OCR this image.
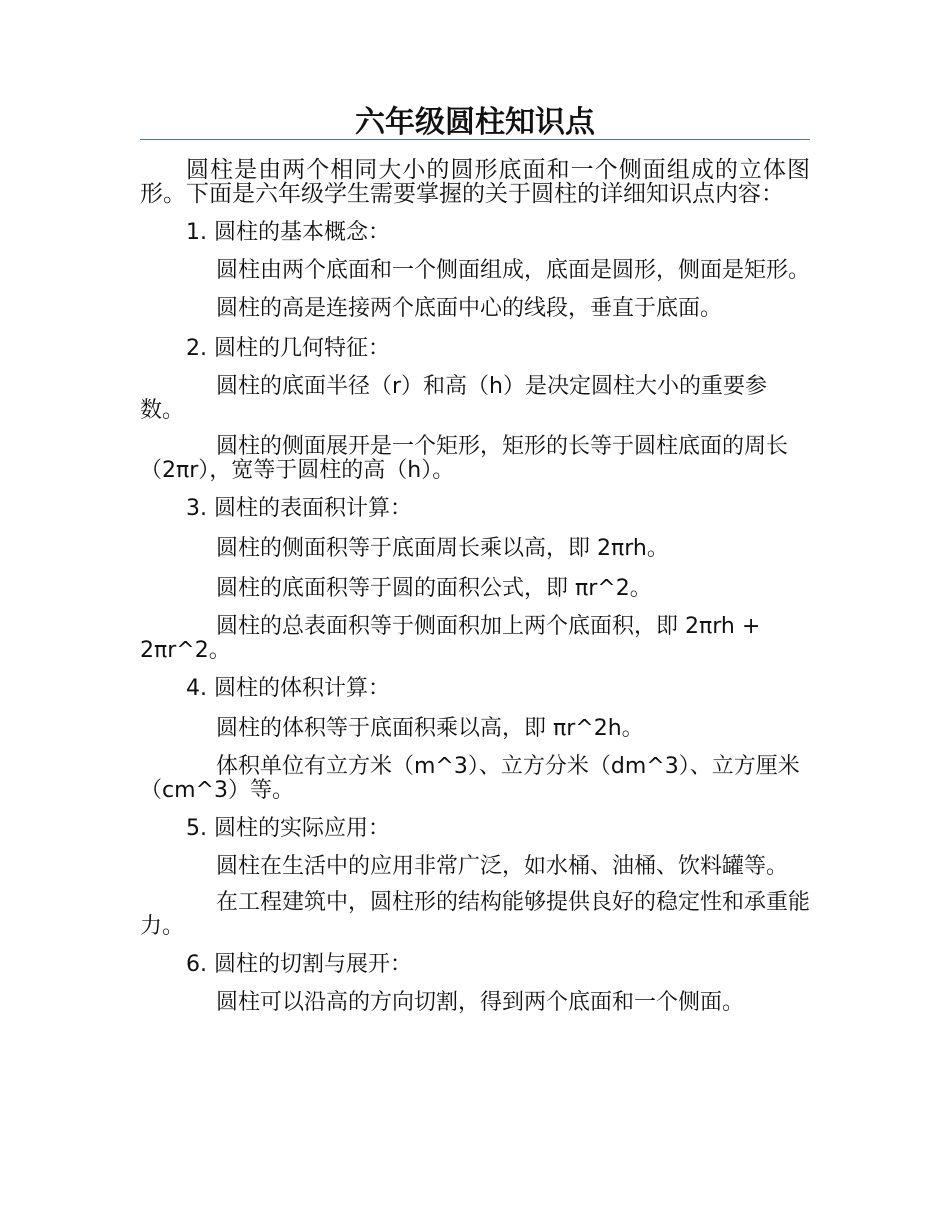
六年级圆柱知识点

圆柱是由两个相同大小的圆形底面和一个侧面组成的立体图形。下面是六年级学生需要掌握的关于圆柱的详细知识点内容：

1. 圆柱的基本概念：

圆柱由两个底面和一个侧面组成，底面是圆形，侧面是矩形。

圆柱的高是连接两个底面中心的线段，垂直于底面。

2. 圆柱的几何特征：

圆柱的底面半径（r）和高（h）是决定圆柱大小的重要参数。

圆柱的侧面展开是一个矩形，矩形的长等于圆柱底面的周长（2πr），宽等于圆柱的高（h）。

3. 圆柱的表面积计算：

圆柱的侧面积等于底面周长乘以高，即 2πrh。

圆柱的底面积等于圆的面积公式，即 πr^2。

圆柱的总表面积等于侧面积加上两个底面积，即 2πrh + 2πr^2。

4. 圆柱的体积计算：

圆柱的体积等于底面积乘以高，即 πr^2h。

体积单位有立方米（m^3）、立方分米（dm^3）、立方厘米（cm^3）等。

5. 圆柱的实际应用：

圆柱在生活中的应用非常广泛，如水桶、油桶、饮料罐等。

在工程建筑中，圆柱形的结构能够提供良好的稳定性和承重能力。

6. 圆柱的切割与展开：

圆柱可以沿高的方向切割，得到两个底面和一个侧面。
